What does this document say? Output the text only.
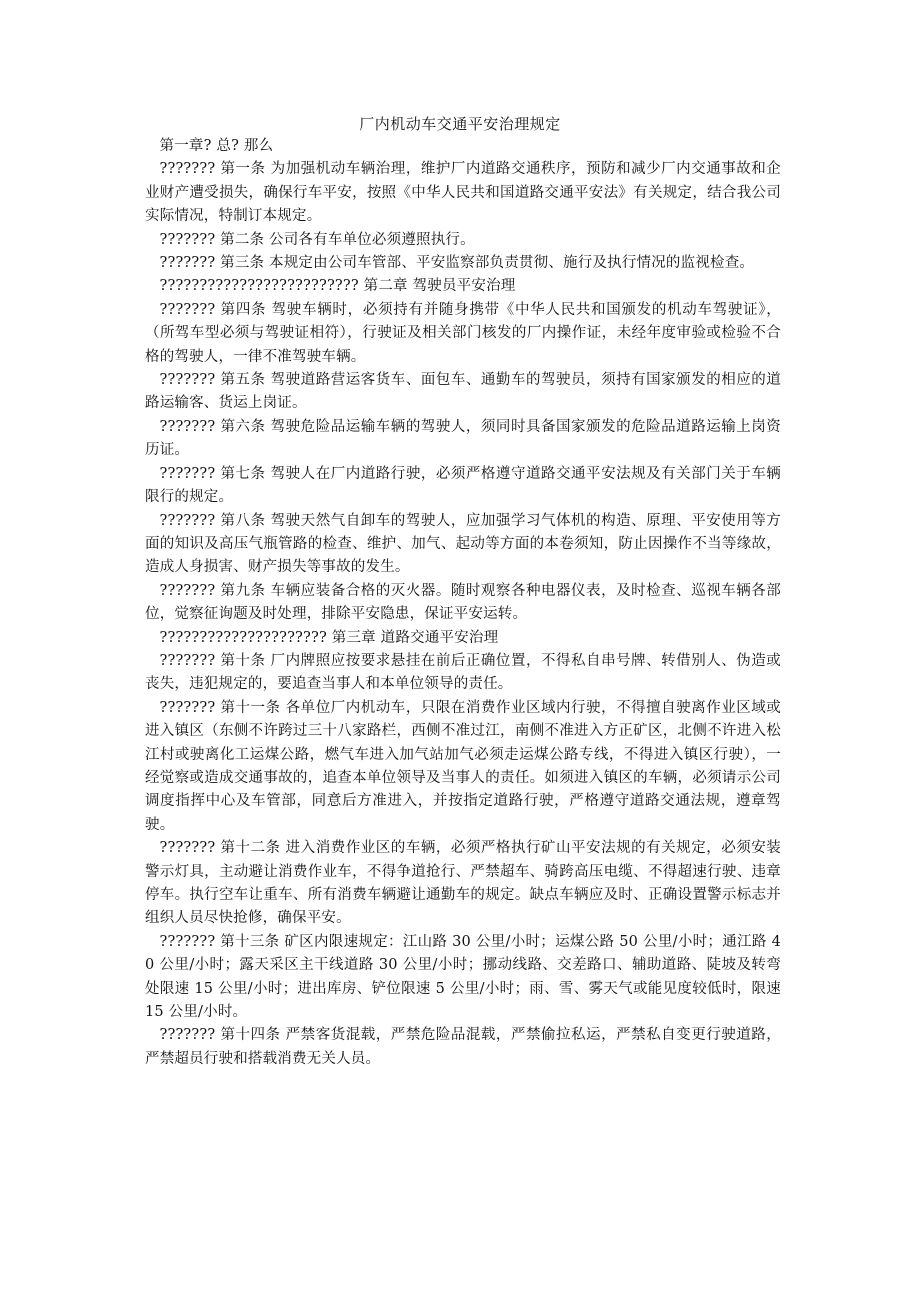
厂内机动车交通平安治理规定

第一章? 总? 那么

??????? 第一条 为加强机动车辆治理，维护厂内道路交通秩序，预防和减少厂内交通事故和企业财产遭受损失，确保行车平安，按照《中华人民共和国道路交通平安法》有关规定，结合我公司实际情况，特制订本规定。

??????? 第二条 公司各有车单位必须遵照执行。

??????? 第三条 本规定由公司车管部、平安监察部负责贯彻、施行及执行情况的监视检查。

????????????????????????? 第二章 驾驶员平安治理

??????? 第四条 驾驶车辆时，必须持有并随身携带《中华人民共和国颁发的机动车驾驶证》，（所驾车型必须与驾驶证相符），行驶证及相关部门核发的厂内操作证，未经年度审验或检验不合格的驾驶人，一律不准驾驶车辆。

??????? 第五条 驾驶道路营运客货车、面包车、通勤车的驾驶员，须持有国家颁发的相应的道路运输客、货运上岗证。

??????? 第六条 驾驶危险品运输车辆的驾驶人，须同时具备国家颁发的危险品道路运输上岗资历证。

??????? 第七条 驾驶人在厂内道路行驶，必须严格遵守道路交通平安法规及有关部门关于车辆限行的规定。

??????? 第八条 驾驶天然气自卸车的驾驶人，应加强学习气体机的构造、原理、平安使用等方面的知识及高压气瓶管路的检查、维护、加气、起动等方面的本卷须知，防止因操作不当等缘故，造成人身损害、财产损失等事故的发生。

??????? 第九条 车辆应装备合格的灭火器。随时观察各种电器仪表，及时检查、巡视车辆各部位，觉察征询题及时处理，排除平安隐患，保证平安运转。

????????????????????? 第三章 道路交通平安治理

??????? 第十条 厂内牌照应按要求悬挂在前后正确位置，不得私自串号牌、转借别人、伪造或丧失，违犯规定的，要追查当事人和本单位领导的责任。

??????? 第十一条 各单位厂内机动车，只限在消费作业区域内行驶，不得擅自驶离作业区域或进入镇区（东侧不许跨过三十八家路栏，西侧不准过江，南侧不准进入方正矿区，北侧不许进入松江村或驶离化工运煤公路，燃气车进入加气站加气必须走运煤公路专线，不得进入镇区行驶），一经觉察或造成交通事故的，追查本单位领导及当事人的责任。如须进入镇区的车辆，必须请示公司调度指挥中心及车管部，同意后方准进入，并按指定道路行驶，严格遵守道路交通法规，遵章驾驶。

??????? 第十二条 进入消费作业区的车辆，必须严格执行矿山平安法规的有关规定，必须安装警示灯具，主动避让消费作业车，不得争道抢行、严禁超车、骑跨高压电缆、不得超速行驶、违章停车。执行空车让重车、所有消费车辆避让通勤车的规定。缺点车辆应及时、正确设置警示标志并组织人员尽快抢修，确保平安。

??????? 第十三条 矿区内限速规定：江山路 30 公里/小时；运煤公路 50 公里/小时；通江路 40 公里/小时；露天采区主干线道路 30 公里/小时；挪动线路、交差路口、辅助道路、陡坡及转弯处限速 15 公里/小时；进出库房、铲位限速 5 公里/小时；雨、雪、雾天气或能见度较低时，限速 15 公里/小时。

??????? 第十四条 严禁客货混载，严禁危险品混载，严禁偷拉私运，严禁私自变更行驶道路，严禁超员行驶和搭载消费无关人员。
